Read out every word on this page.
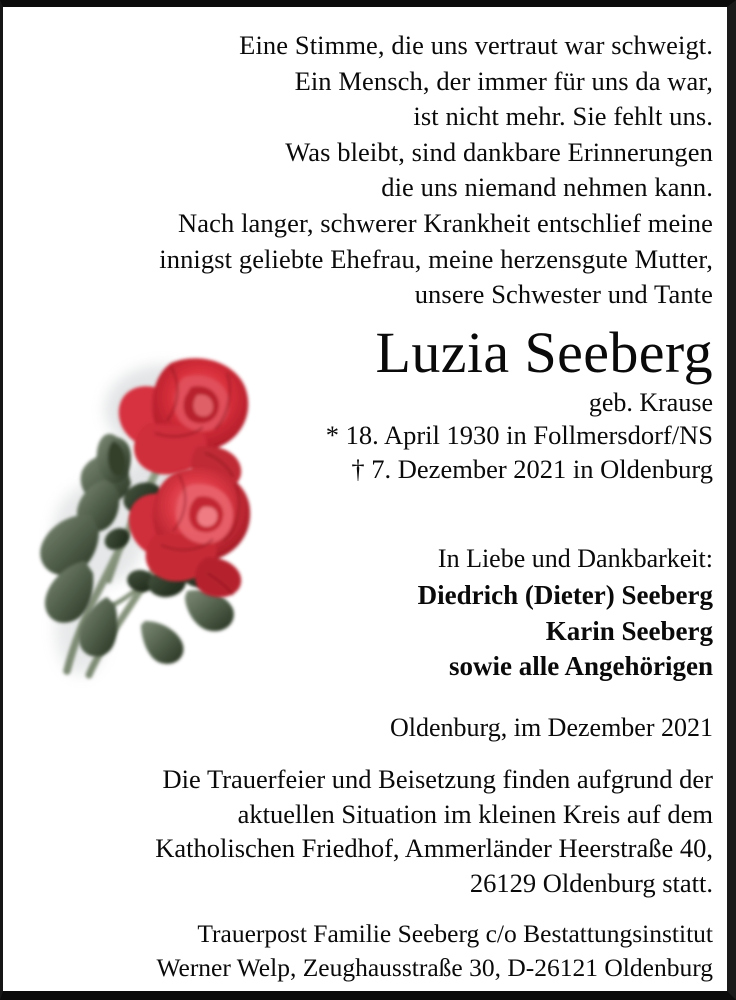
Eine Stimme, die uns vertraut war schweigt.
Ein Mensch, der immer für uns da war,
ist nicht mehr. Sie fehlt uns.
Was bleibt, sind dankbare Erinnerungen
die uns niemand nehmen kann.
Nach langer, schwerer Krankheit entschlief meine
innigst geliebte Ehefrau, meine herzensgute Mutter,
unsere Schwester und Tante
Luzia Seeberg
geb. Krause
* 18. April 1930 in Follmersdorf/NS
† 7. Dezember 2021 in Oldenburg
In Liebe und Dankbarkeit:
Diedrich (Dieter) Seeberg
Karin Seeberg
sowie alle Angehörigen
Oldenburg, im Dezember 2021
Die Trauerfeier und Beisetzung finden aufgrund der
aktuellen Situation im kleinen Kreis auf dem
Katholischen Friedhof, Ammerländer Heerstraße 40,
26129 Oldenburg statt.
Trauerpost Familie Seeberg c/o Bestattungsinstitut
Werner Welp, Zeughausstraße 30, D-26121 Oldenburg
